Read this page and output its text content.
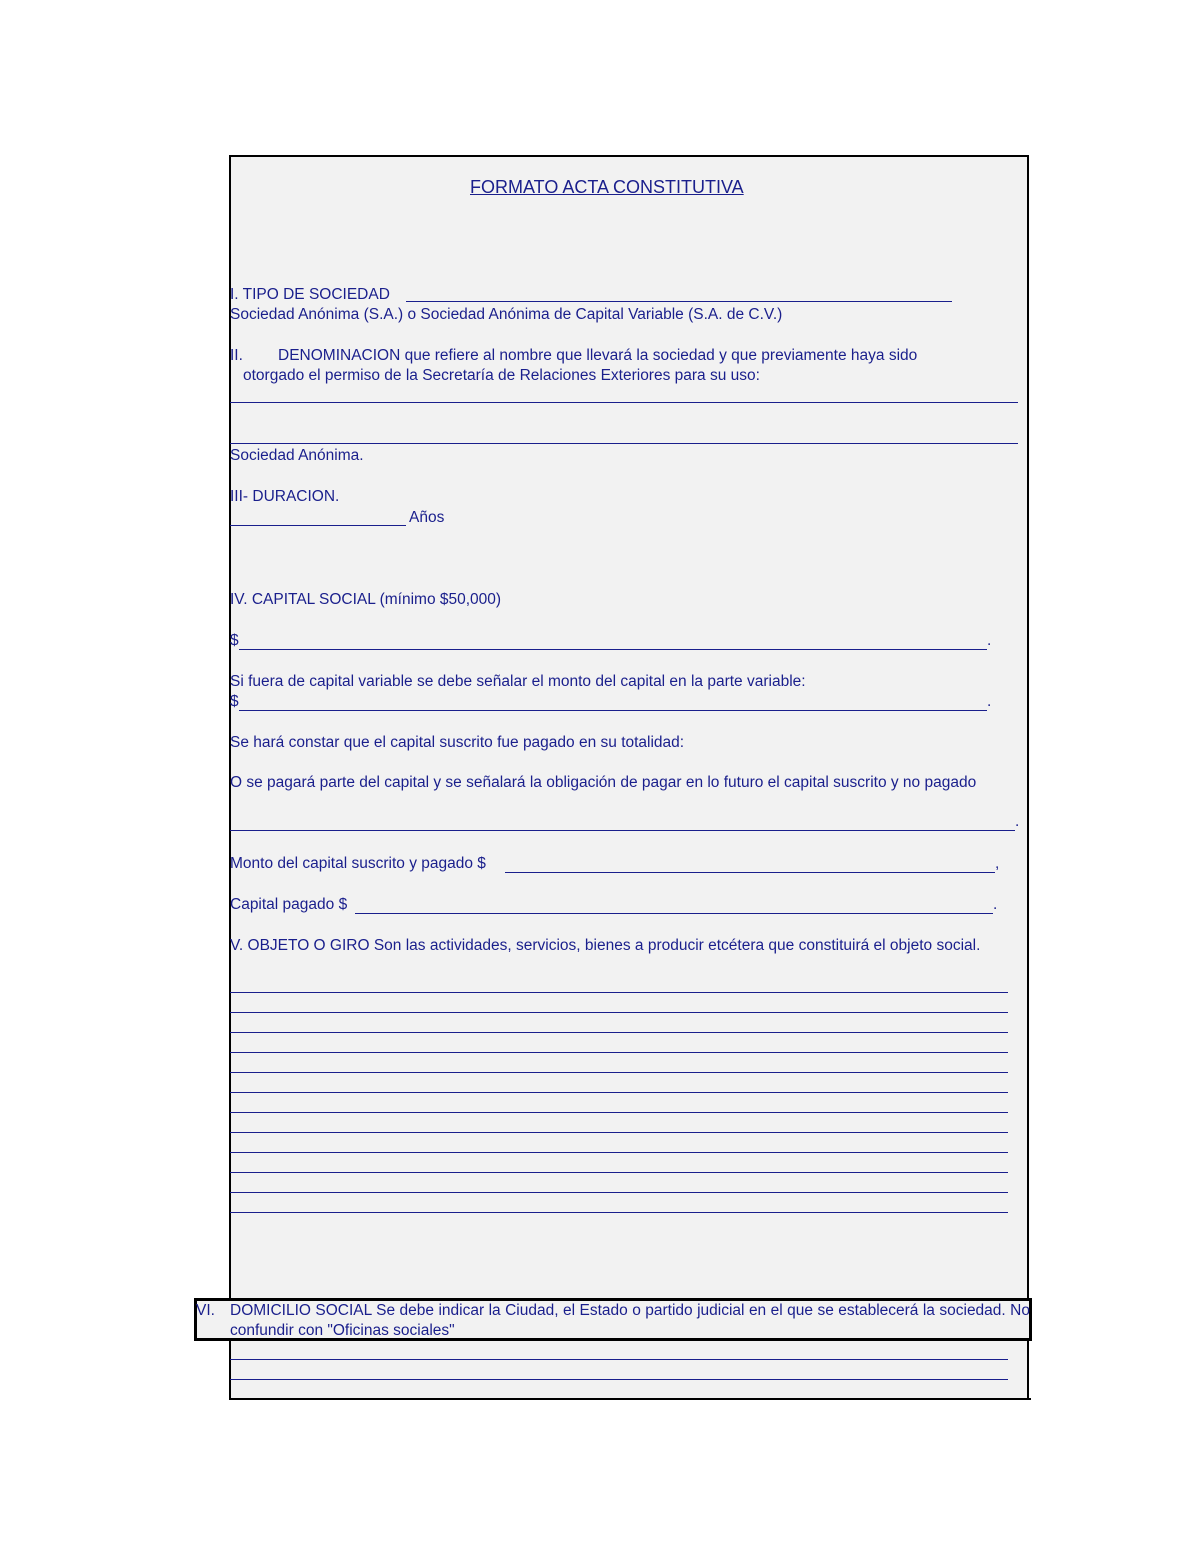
FORMATO ACTA CONSTITUTIVA
I. TIPO DE SOCIEDAD
Sociedad Anónima (S.A.) o Sociedad Anónima de Capital Variable (S.A. de C.V.)
II. DENOMINACION que refiere al nombre que llevará la sociedad y que previamente haya sido
otorgado el permiso de la Secretaría de Relaciones Exteriores para su uso:
Sociedad Anónima.
III- DURACION.
Años
IV. CAPITAL SOCIAL (mínimo $50,000)
$	.
Si fuera de capital variable se debe señalar el monto del capital en la parte variable:
$	.
Se hará constar que el capital suscrito fue pagado en su totalidad:
O se pagará parte del capital y se señalará la obligación de pagar en lo futuro el capital suscrito y no pagado
.
Monto del capital suscrito y pagado $	,
Capital pagado $	.
V. OBJETO O GIRO Son las actividades, servicios, bienes a producir etcétera que constituirá el objeto social.
VI. DOMICILIO SOCIAL Se debe indicar la Ciudad, el Estado o partido judicial en el que se establecerá la sociedad. No confundir con "Oficinas sociales"
